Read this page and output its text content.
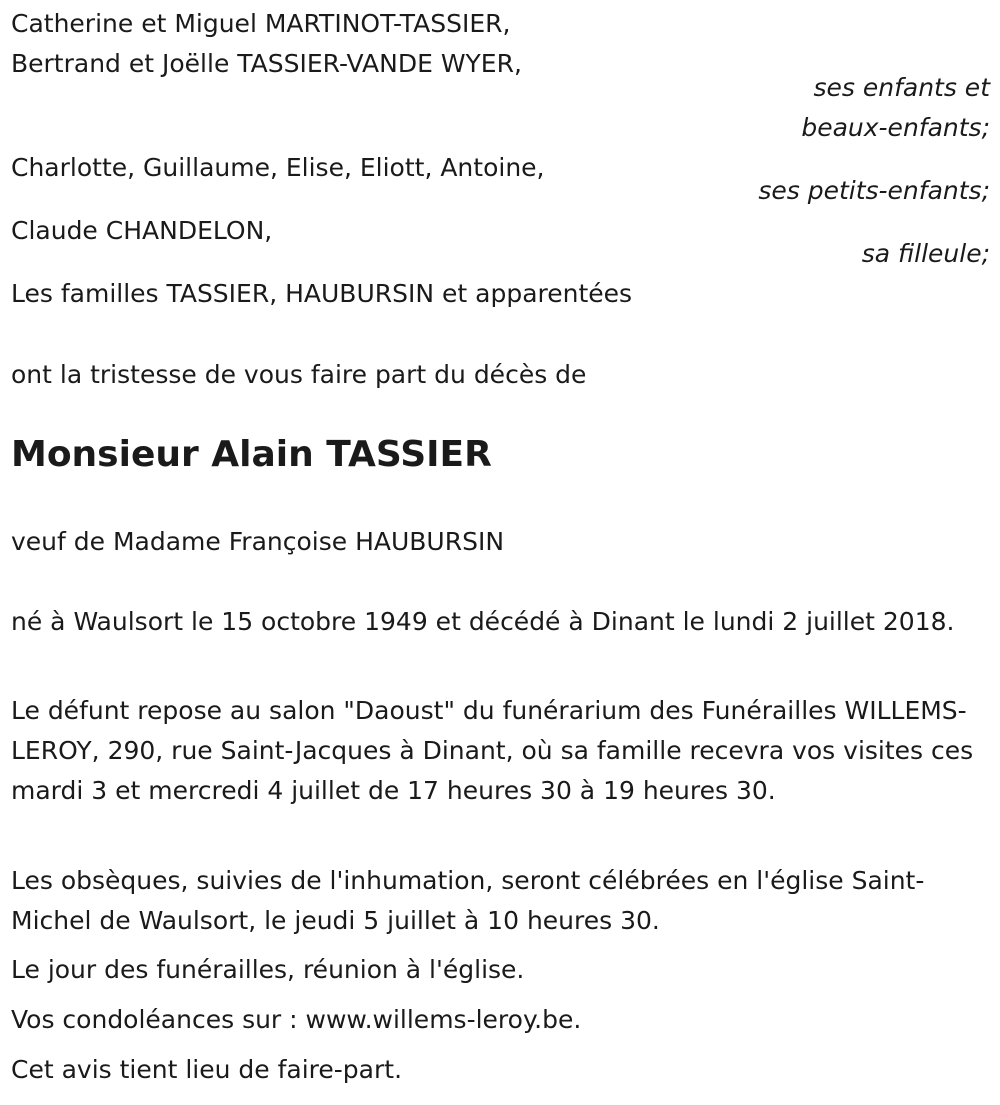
Catherine et Miguel MARTINOT-TASSIER,

Bertrand et Joëlle TASSIER-VANDE WYER,

ses enfants et

beaux-enfants;

Charlotte, Guillaume, Elise, Eliott, Antoine,

ses petits-enfants;

Claude CHANDELON,

sa filleule;

Les familles TASSIER, HAUBURSIN et apparentées

ont la tristesse de vous faire part du décès de

Monsieur Alain TASSIER

veuf de Madame Françoise HAUBURSIN

né à Waulsort le 15 octobre 1949 et décédé à Dinant le lundi 2 juillet 2018.

Le défunt repose au salon "Daoust" du funérarium des Funérailles WILLEMS-LEROY, 290, rue Saint-Jacques à Dinant, où sa famille recevra vos visites ces mardi 3 et mercredi 4 juillet de 17 heures 30 à 19 heures 30.

Les obsèques, suivies de l'inhumation, seront célébrées en l'église Saint-Michel de Waulsort, le jeudi 5 juillet à 10 heures 30.

Le jour des funérailles, réunion à l'église.

Vos condoléances sur : www.willems-leroy.be.

Cet avis tient lieu de faire-part.
